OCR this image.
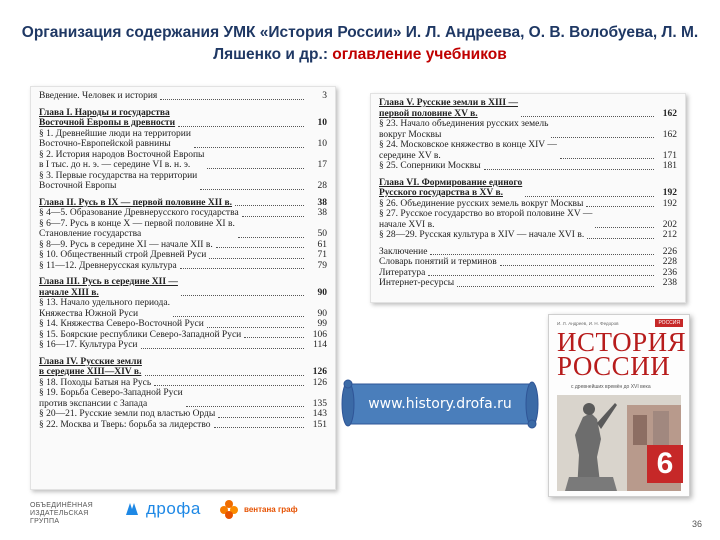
Организация содержания УМК «История России» И. Л. Андреева, О. В. Волобуева, Л. М. Ляшенко и др.: оглавление учебников
Введение. Человек и история	3
Глава I. Народы и государства
Восточной Европы в древности	10
§ 1. Древнейшие люди на территории
Восточно-Европейской равнины	10
§ 2. История народов Восточной Европы
в I тыс. до н. э. — середине VI в. н. э.	17
§ 3. Первые государства на территории
Восточной Европы	28
Глава II. Русь в IX — первой половине XII в.	38
§ 4—5. Образование Древнерусского государства	38
§ 6—7. Русь в конце X — первой половине XI в.
Становление государства	50
§ 8—9. Русь в середине XI — начале XII в.	61
§ 10. Общественный строй Древней Руси	71
§ 11—12. Древнерусская культура	79
Глава III. Русь в середине XII —
начале XIII в.	90
§ 13. Начало удельного периода.
Княжества Южной Руси	90
§ 14. Княжества Северо-Восточной Руси	99
§ 15. Боярские республики Северо-Западной Руси	106
§ 16—17. Культура Руси	114
Глава IV. Русские земли
в середине XIII—XIV в.	126
§ 18. Походы Батыя на Русь	126
§ 19. Борьба Северо-Западной Руси
против экспансии с Запада	135
§ 20—21. Русские земли под властью Орды	143
§ 22. Москва и Тверь: борьба за лидерство	151
Глава V. Русские земли в XIII —
первой половине XV в.	162
§ 23. Начало объединения русских земель
вокруг Москвы	162
§ 24. Московское княжество в конце XIV —
середине XV в.	171
§ 25. Соперники Москвы	181
Глава VI. Формирование единого
Русского государства в XV в.	192
§ 26. Объединение русских земель вокруг Москвы	192
§ 27. Русское государство во второй половине XV —
начале XVI в.	202
§ 28—29. Русская культура в XIV — начале XVI в.	212
Заключение	226
Словарь понятий и терминов	228
Литература	236
Интернет-ресурсы	238
И. Л. Андреев, И. Н. Федоров	РОССИЯ
ИСТОРИЯ
РОССИИ
с древнейших времён до XVI века
6
www.history.drofa.ru
ОБЪЕДИНЁННАЯ ИЗДАТЕЛЬСКАЯ ГРУППА
дрофа	вентана граф
36
